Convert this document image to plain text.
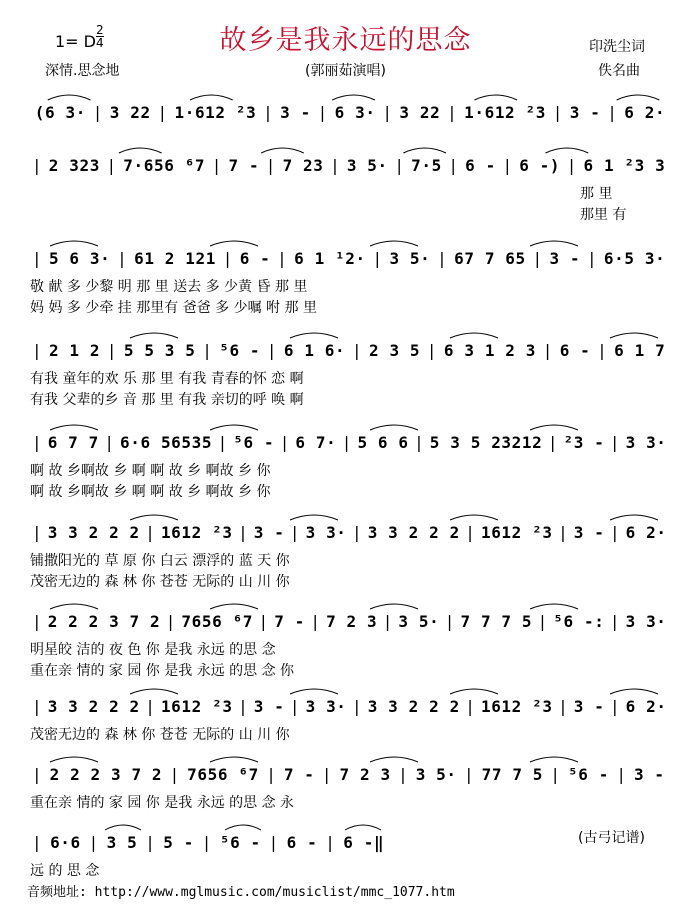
故乡是我永远的思念
1= D
2
4
深情.思念地	(郭丽茹演唱)
印洗尘词
佚名曲
(6 3· | 3 22 | 1·612 ²3 | 3 - | 6 3· | 3 22 | 1·612 ²3 | 3 - | 6 2·
| 2 323 | 7·656 ⁶7 | 7 - | 7 23 | 3 5· | 7·5 | 6 - | 6 -) | 6 1 ²3 3
那 里
那里 有
| 5 6 3· | 61 2 121 | 6 - | 6 1 ¹2· | 3 5· | 67 7 65 | 3 - | 6·5 3·
敬 献 多 少黎 明 那 里 送去 多 少黄 昏 那 里
妈 妈 多 少牵 挂 那里有 爸爸 多 少嘱 咐 那 里
| 2 1 2 | 5 5 3 5 | ⁵6 - | 6 1 6· | 2 3 5 | 6 3 1 2 3 | 6 - | 6 1 7
有我 童年的欢 乐 那 里 有我 青春的怀 恋 啊
有我 父辈的乡 音 那 里 有我 亲切的呼 唤 啊
| 6 7 7 | 6·6 56535 | ⁵6 - | 6 7· | 5 6 6 | 5 3 5 23212 | ²3 - | 3 3·
啊 故 乡啊故 乡 啊 啊 故 乡 啊故 乡 你
啊 故 乡啊故 乡 啊 啊 故 乡 啊故 乡 你
| 3 3 2 2 2 | 1612 ²3 | 3 - | 3 3· | 3 3 2 2 2 | 1612 ²3 | 3 - | 6 2·
铺撒阳光的 草 原 你 白云 漂浮的 蓝 天 你
茂密无边的 森 林 你 苍苍 无际的 山 川 你
| 2 2 2 3 7 2 | 7656 ⁶7 | 7 - | 7 2 3 | 3 5· | 7 7 7 5 | ⁵6 -: | 3 3·
明星皎 洁的 夜 色 你 是我 永远 的思 念
重在亲 情的 家 园 你 是我 永远 的思 念 你
| 3 3 2 2 2 | 1612 ²3 | 3 - | 3 3· | 3 3 2 2 2 | 1612 ²3 | 3 - | 6 2·
茂密无边的 森 林 你 苍苍 无际的 山 川 你
| 2 2 2 3 7 2 | 7656 ⁶7 | 7 - | 7 2 3 | 3 5· | 77 7 5 | ⁵6 - | 3 -
重在亲 情的 家 园 你 是我 永远 的思 念 永
| 6·6 | 3 5 | 5 - | ⁵6 - | 6 - | 6 -‖
远 的 思 念
(古弓记谱)
音频地址: http://www.mglmusic.com/musiclist/mmc_1077.htm
